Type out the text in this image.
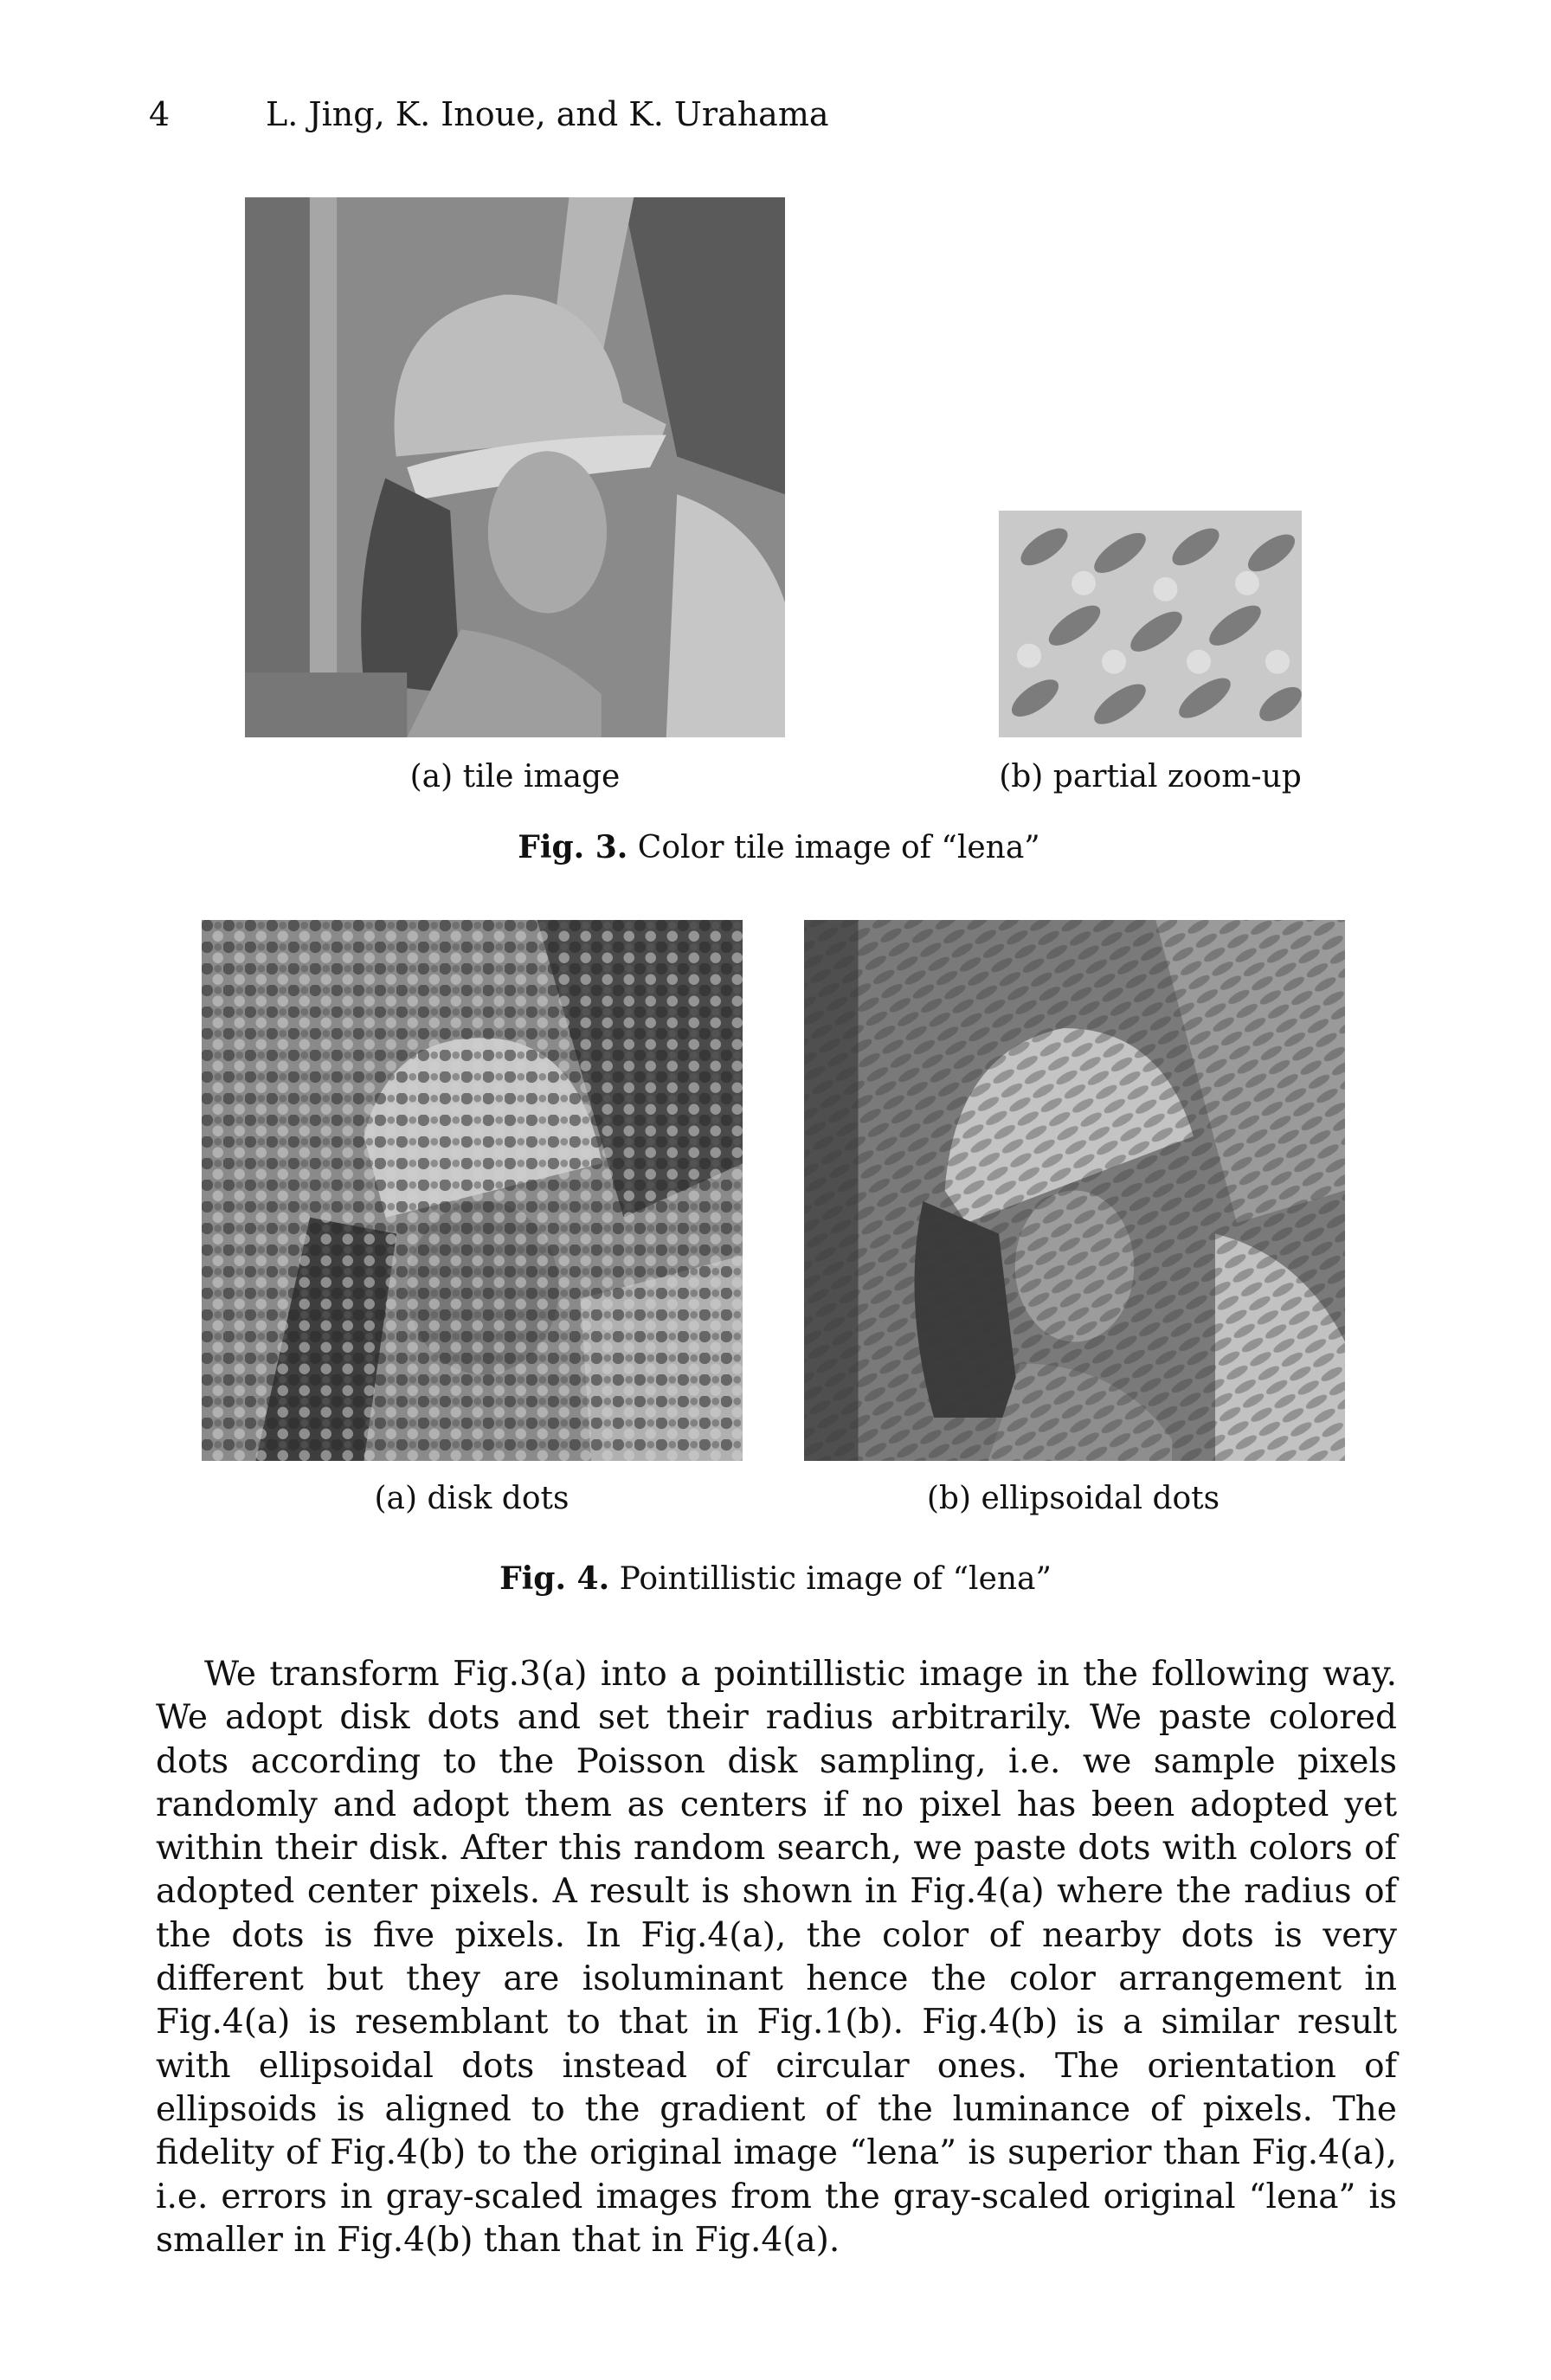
4	L. Jing, K. Inoue, and K. Urahama
(a) tile image	(b) partial zoom-up
Fig. 3. Color tile image of “lena”
(a) disk dots	(b) ellipsoidal dots
Fig. 4. Pointillistic image of “lena”
We transform Fig.3(a) into a pointillistic image in the following way. We adopt disk dots and set their radius arbitrarily. We paste colored dots according to the Poisson disk sampling, i.e. we sample pixels randomly and adopt them as centers if no pixel has been adopted yet within their disk. After this random search, we paste dots with colors of adopted center pixels. A result is shown in Fig.4(a) where the radius of the dots is five pixels. In Fig.4(a), the color of nearby dots is very different but they are isoluminant hence the color arrangement in Fig.4(a) is resemblant to that in Fig.1(b). Fig.4(b) is a similar result with ellipsoidal dots instead of circular ones. The orientation of ellipsoids is aligned to the gradient of the luminance of pixels. The fidelity of Fig.4(b) to the original image “lena” is superior than Fig.4(a), i.e. errors in gray-scaled images from the gray-scaled original “lena” is smaller in Fig.4(b) than that in Fig.4(a).
